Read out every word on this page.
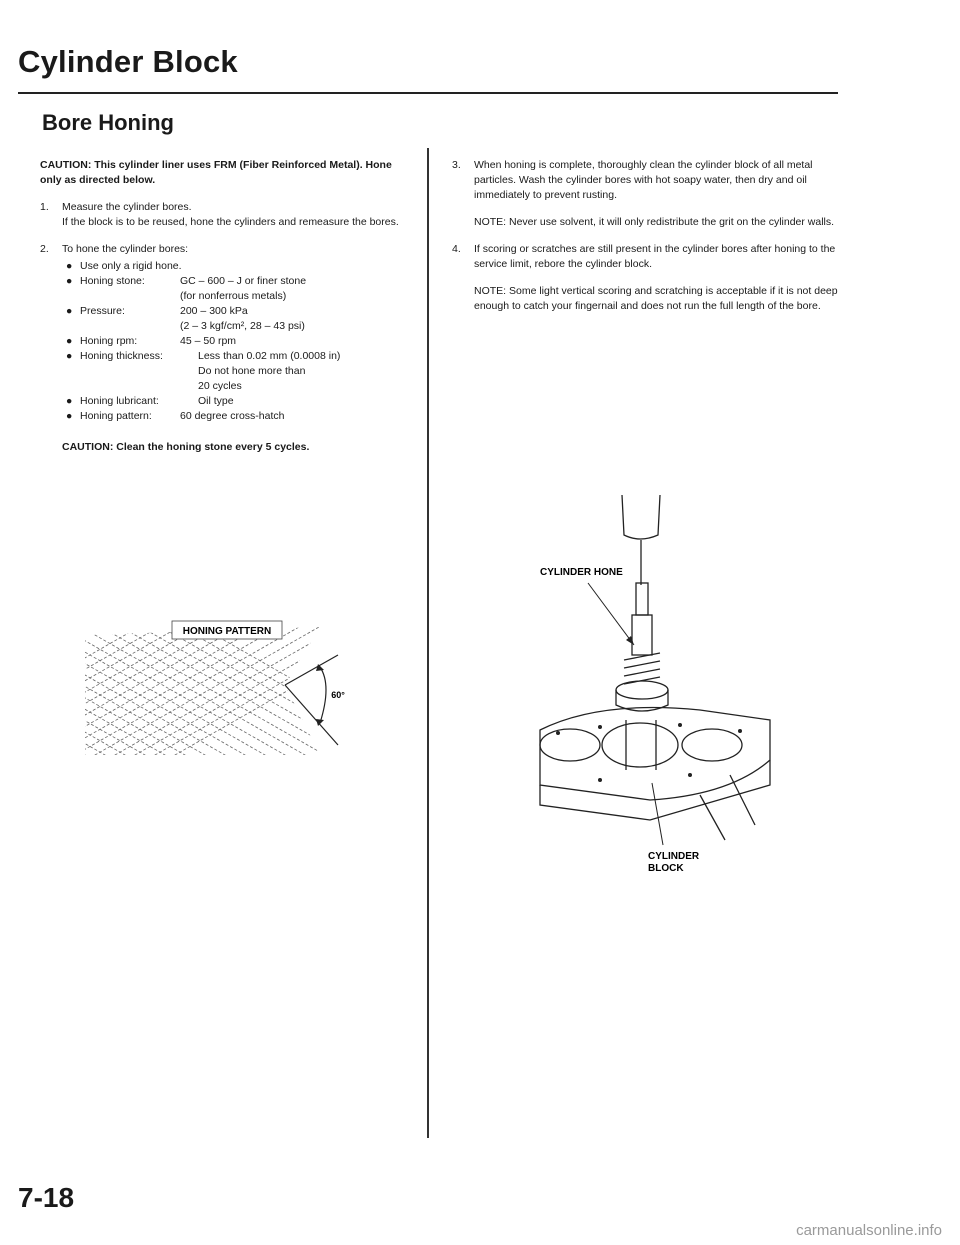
Cylinder Block
Bore Honing
CAUTION: This cylinder liner uses FRM (Fiber Reinforced Metal). Hone only as directed below.
1.	Measure the cylinder bores.
If the block is to be reused, hone the cylinders and remeasure the bores.
2.	To hone the cylinder bores:
● Use only a rigid hone.
● Honing stone:	GC – 600 – J or finer stone
(for nonferrous metals)
● Pressure:	200 – 300 kPa
(2 – 3 kgf/cm², 28 – 43 psi)
● Honing rpm:	45 – 50 rpm
● Honing thickness:	Less than 0.02 mm (0.0008 in)
Do not hone more than
20 cycles
● Honing lubricant:	Oil type
● Honing pattern:	60 degree cross-hatch
CAUTION: Clean the honing stone every 5 cycles.
3.	When honing is complete, thoroughly clean the cylinder block of all metal particles. Wash the cylinder bores with hot soapy water, then dry and oil immediately to prevent rusting.
NOTE: Never use solvent, it will only redistribute the grit on the cylinder walls.
4.	If scoring or scratches are still present in the cylinder bores after honing to the service limit, rebore the cylinder block.
NOTE: Some light vertical scoring and scratching is acceptable if it is not deep enough to catch your fingernail and does not run the full length of the bore.
HONING PATTERN
60°
CYLINDER HONE
CYLINDER
BLOCK
7-18
carmanualsonline.info
